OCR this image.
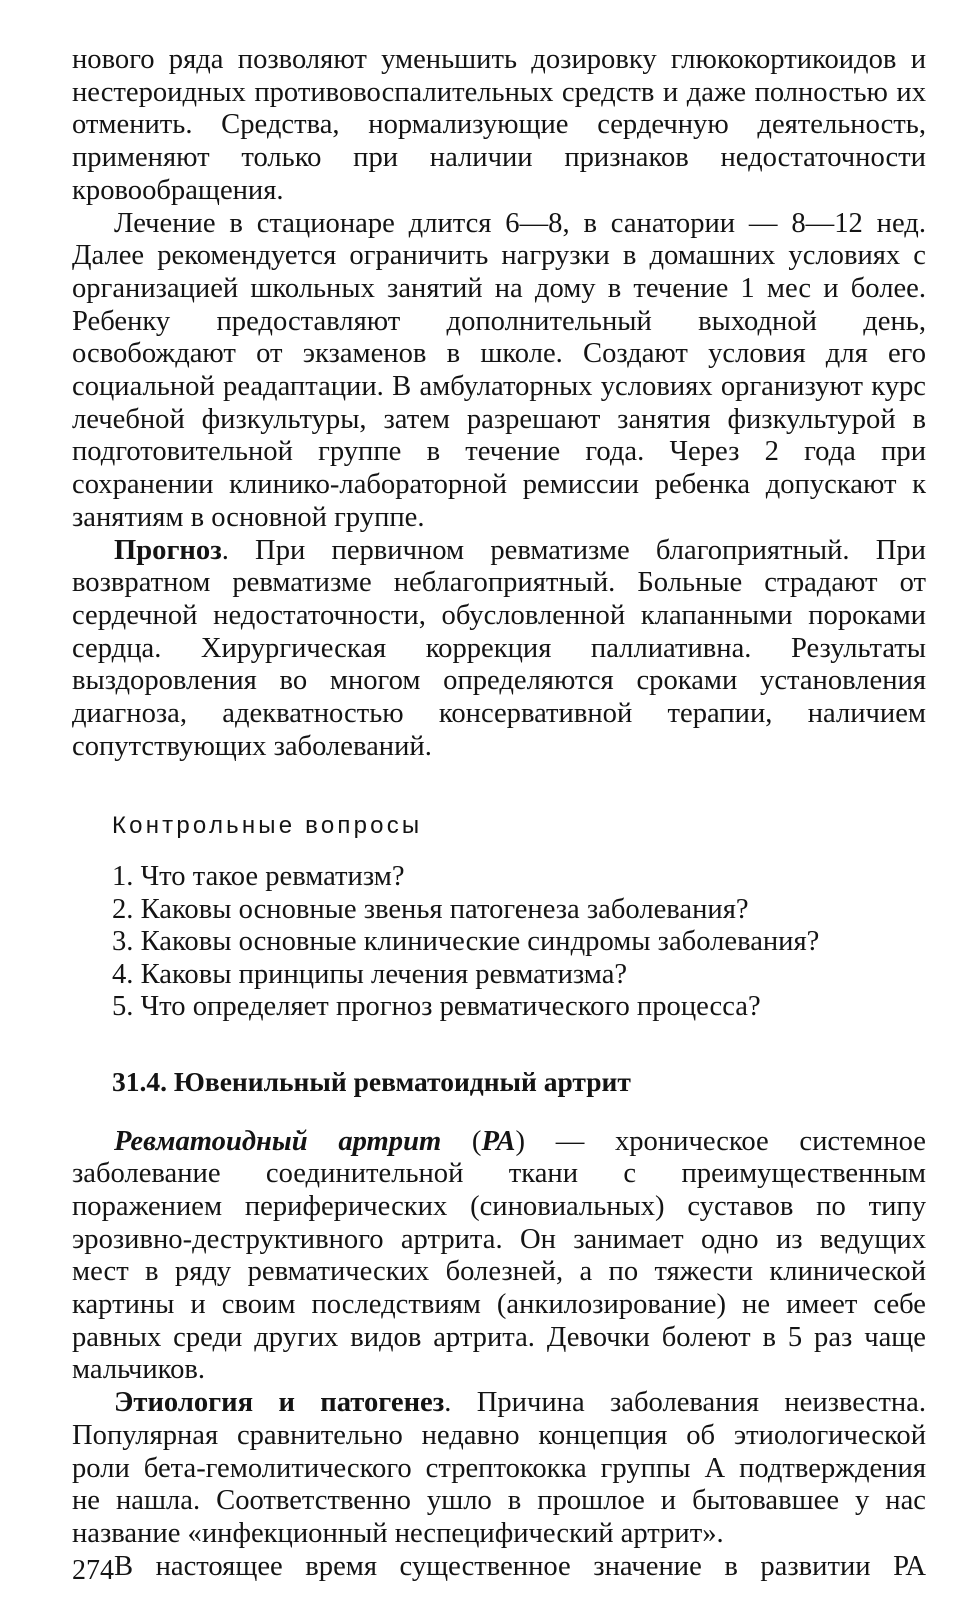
нового ряда позволяют уменьшить дозировку глюкокортикоидов и нестероидных противовоспалительных средств и даже полностью их отменить. Средства, нормализующие сердечную деятельность, применяют только при наличии признаков недостаточности кровообращения.

Лечение в стационаре длится 6—8, в санатории — 8—12 нед. Далее рекомендуется ограничить нагрузки в домашних условиях с организацией школьных занятий на дому в течение 1 мес и более. Ребенку предоставляют дополнительный выходной день, освобождают от экзаменов в школе. Создают условия для его социальной реадаптации. В амбулаторных условиях организуют курс лечебной физкультуры, затем разрешают занятия физкультурой в подготовительной группе в течение года. Через 2 года при сохранении клинико-лабораторной ремиссии ребенка допускают к занятиям в основной группе.

Прогноз. При первичном ревматизме благоприятный. При возвратном ревматизме неблагоприятный. Больные страдают от сердечной недостаточности, обусловленной клапанными пороками сердца. Хирургическая коррекция паллиативна. Результаты выздоровления во многом определяются сроками установления диагноза, адекватностью консервативной терапии, наличием сопутствующих заболеваний.

Контрольные вопросы
1. Что такое ревматизм?
2. Каковы основные звенья патогенеза заболевания?
3. Каковы основные клинические синдромы заболевания?
4. Каковы принципы лечения ревматизма?
5. Что определяет прогноз ревматического процесса?
31.4. Ювенильный ревматоидный артрит

Ревматоидный артрит (РА) — хроническое системное заболевание соединительной ткани с преимущественным поражением периферических (синовиальных) суставов по типу эрозивно-деструктивного артрита. Он занимает одно из ведущих мест в ряду ревматических болезней, а по тяжести клинической картины и своим последствиям (анкилозирование) не имеет себе равных среди других видов артрита. Девочки болеют в 5 раз чаще мальчиков.

Этиология и патогенез. Причина заболевания неизвестна. Популярная сравнительно недавно концепция об этиологической роли бета-гемолитического стрептококка группы А подтверждения не нашла. Соответственно ушло в прошлое и бытовавшее у нас название «инфекционный неспецифический артрит».

В настоящее время существенное значение в развитии РА

274
